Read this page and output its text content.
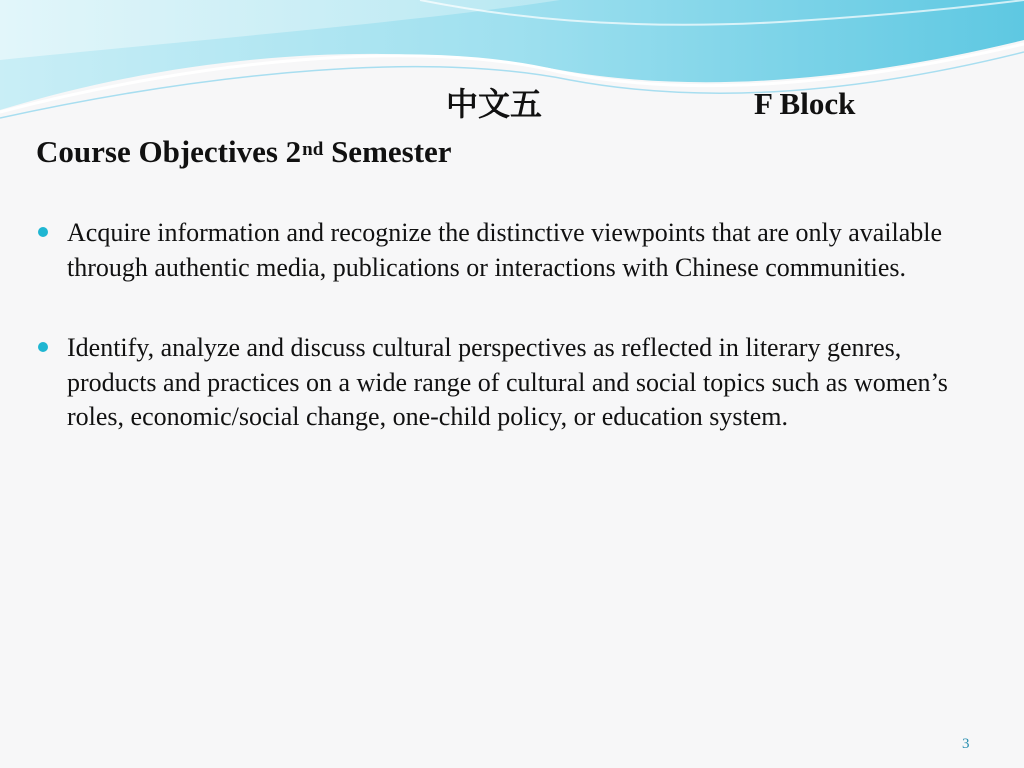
中文五	F Block
Course Objectives 2nd Semester
Acquire information and recognize the distinctive viewpoints that are only available through authentic media, publications or interactions with Chinese communities.
Identify, analyze and discuss cultural perspectives as reflected in literary genres, products and practices on a wide range of cultural and social topics such as women’s roles, economic/social change, one-child policy, or education system.
3
